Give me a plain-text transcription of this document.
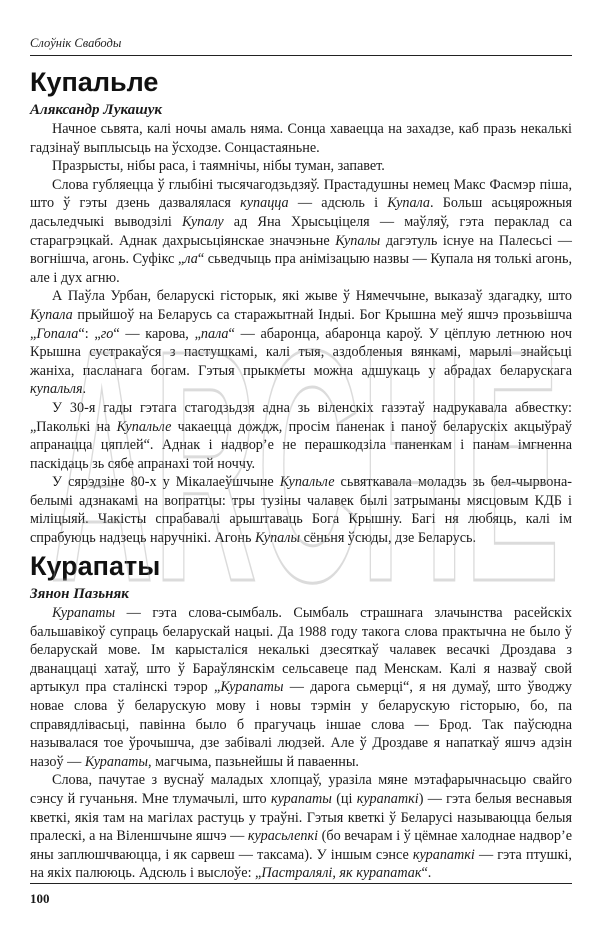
Слоўнік Свабоды
Купальле

Аляксандр Лукашук

Начное сьвята, калі ночы амаль няма. Сонца хаваецца на захадзе, каб празь некалькі гадзінаў выплысьць на ўсходзе. Сонцастаяньне.

Празрысты, нібы раса, і таямнічы, нібы туман, запавет.

Слова губляецца ў глыбіні тысячагодзьдзяў. Прастадушны немец Макс Фасмэр пiша, што ў гэты дзень дазвалялася купацца — адсюль і Купала. Больш асьцярожныя дасьледчыкі выводзілі Купалу ад Яна Хрысьціцеля — маўляў, гэта пераклад са старагрэцкай. Аднак дахрысьціянскае значэньне Купалы дагэтуль існуе на Палесьсі — вогнішча, агонь. Суфікс „ла“ сьведчыць пра анімізацыю назвы — Купала ня толькі агонь, але і дух агню.

А Паўла Урбан, беларускі гісторык, які жыве ў Нямеччыне, выказаў здагадку, што Купала прыйшоў на Беларусь са старажытнай Індыі. Бог Крышна меў яшчэ прозьвішча „Гопала“: „го“ — карова, „пала“ — абаронца, абаронца кароў. У цёплую летнюю ноч Крышна сустракаўся з пастушкамі, калі тыя, аздобленыя вянкамі, марылі знайсьці жаніха, пасланага богам. Гэтыя прыкметы можна адшукаць у абрадах беларускага купальля.

У 30-я гады гэтага стагодзьдзя адна зь віленскіх газэтаў надрукавала абвестку: „Паколькі на Купальле чакаецца дождж, просім паненак і паноў беларускіх акцыўраў апранацца цяплей“. Аднак і надвор’е не перашкодзіла паненкам і панам імгненна паскідаць зь сябе апранахі той ноччу.

У сярэдзіне 80-х у Мікалаеўшчыне Купальле сьвяткавала моладзь зь бел-чырвона-белымі адзнакамі на вопратцы: тры тузіны чалавек былі затрыманы мясцовым КДБ і міліцыяй. Чакісты спрабавалі арыштаваць Бога Крышну. Багі ня любяць, калі ім спрабуюць надзець наручнікі. Агонь Купалы сёньня ўсюды, дзе Беларусь.

Курапаты

Зянон Пазьняк

Курапаты — гэта слова-сымбаль. Сымбаль страшнага злачынства расейскіх бальшавікоў супраць беларускай нацыі. Да 1988 году такога слова практычна не было ў беларускай мове. Ім карысталіся некалькі дзесяткаў чалавек весачкі Дроздава з дванаццаці хатаў, што ў Бараўлянскім сельсавеце пад Менскам. Калі я назваў свой артыкул пра сталінскі тэрор „Курапаты — дарога сьмерці“, я ня думаў, што ўводжу новае слова ў беларускую мову і новы тэрмін у беларускую гісторыю, бо, па справядлівасьці, павінна было б прагучаць іншае слова — Брод. Так паўсюдна называлася тое ўрочышча, дзе забівалі людзей. Але ў Дроздаве я напаткаў яшчэ адзін назоў — Курапаты, магчыма, пазьнейшы й паваенны.

Слова, пачутае з вуснаў маладых хлопцаў, уразіла мяне мэтафарычнасьцю свайго сэнсу й гучаньня. Мне тлумачылі, што курапаты (ці курапаткі) — гэта белыя веснавыя кветкі, якія там на магілах растуць у траўні. Гэтыя кветкі ў Беларусі называюцца белыя пралескі, а на Віленшчыне яшчэ — курасьлепкі (бо вечарам і ў цёмнае халоднае надвор’е яны заплюшчваюцца, і як сарвеш — таксама). У іншым сэнсе курапаткі — гэта птушкі, на якіх палююць. Адсюль і выслоўе: „Пастралялі, як курапатак“.

ARCHE
100
